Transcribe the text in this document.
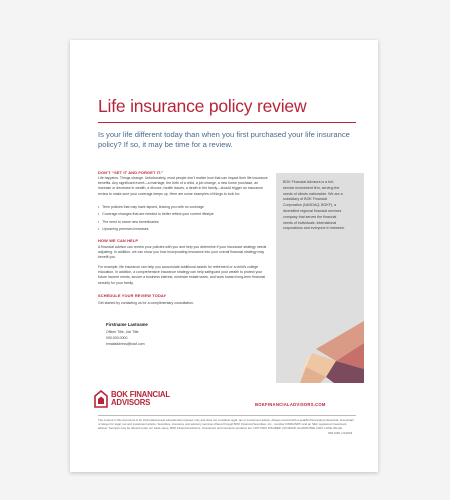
Life insurance policy review
Is your life different today than when you first purchased your life insurance policy? If so, it may be time for a review.
DON’T “SET IT AND FORGET IT.”

Life happens. Things change. Unfortunately, most people don’t realize how that can impact their life insurance benefits. Any significant event—a marriage, the birth of a child, a job change, a new home purchase, an increase or decrease in wealth, a divorce, health issues, a death in the family—should trigger an insurance review to make sure your coverage keeps up. Here are some examples of things to look for:

• Term policies that may have lapsed, leaving you with no coverage
• Coverage changes that are needed to better reflect your current lifestyle
• The need to name new beneficiaries
• Upcoming premium increases
HOW WE CAN HELP

A financial advisor can review your policies with you and help you determine if your insurance strategy needs adjusting. In addition, we can show you how incorporating insurance into your overall financial strategy may benefit you.

For example, life insurance can help you accumulate additional assets for retirement or a child’s college education. In addition, a comprehensive insurance strategy can help safeguard your wealth to protect your future income needs, secure a business interest, minimize estate taxes, and work toward long-term financial security for your family.

SCHEDULE YOUR REVIEW TODAY

Get started by contacting us for a complimentary consultation.

Firstname Lastname
Officer Title, Job Title
000.000.0000
emailaddress@bokf.com

BOK Financial Advisors is a full-service investment firm, serving the needs of clients nationwide. We are a subsidiary of BOK Financial Corporation (NASDAQ: BOKF), a diversified regional financial services company that serves the financial needs of individuals, international corporations and everyone in between.

BOK FINANCIAL
ADVISORS	BOKFINANCIALADVISORS.COM

The content in this document is for informational and educational purposes only and does not constitute legal, tax or investment advice. Always consult with a qualified financial professional, accountant or lawyer for legal, tax and investment advice. Securities, insurance and advisory services offered through BOK Financial Securities, Inc., member FINRA/SIPC and an SEC registered investment adviser. Services may be offered under our trade name, BOK Financial Advisors. Investment and insurance products are: NOT FDIC INSURED | NO BANK GUARANTEE | MAY LOSE VALUE.

WM 0184 | 11/2023
